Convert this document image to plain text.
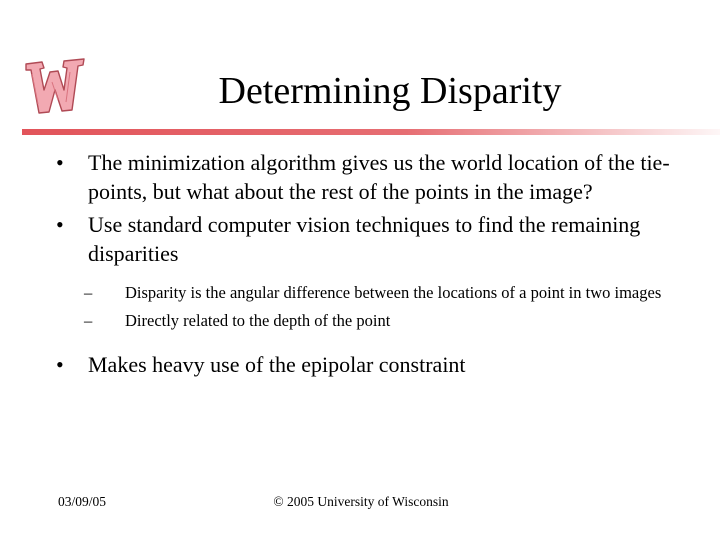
Determining Disparity
•	The minimization algorithm gives us the world location of the tie-points, but what about the rest of the points in the image?
•	Use standard computer vision techniques to find the remaining disparities
–	Disparity is the angular difference between the locations of a point in two images
–	Directly related to the depth of the point
•	Makes heavy use of the epipolar constraint
03/09/05	© 2005 University of Wisconsin
